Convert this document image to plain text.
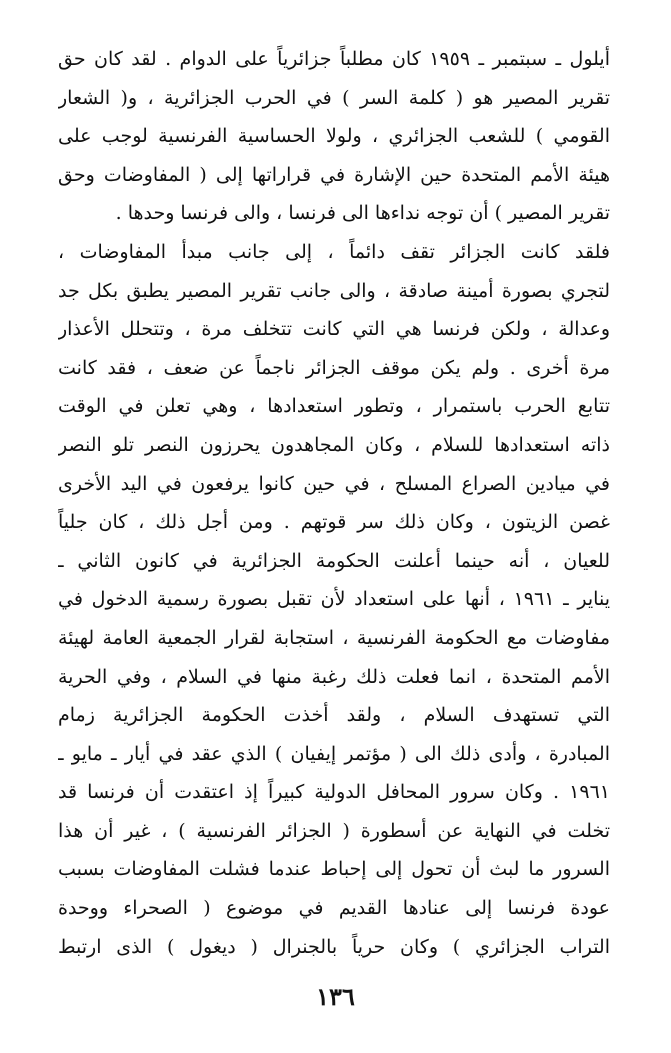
أيلول ـ سبتمبر ـ ١٩٥٩ كان مطلباً جزائرياً على الدوام . لقد كان حق
تقرير المصير هو ( كلمة السر ) في الحرب الجزائرية ، و( الشعار
القومي ) للشعب الجزائري ، ولولا الحساسية الفرنسية لوجب على
هيئة الأمم المتحدة حين الإشارة في قراراتها إلى ( المفاوضات وحق
تقرير المصير ) أن توجه نداءها الى فرنسا ، والى فرنسا وحدها .
فلقد كانت الجزائر تقف دائماً ، إلى جانب مبدأ المفاوضات ،
لتجري بصورة أمينة صادقة ، والى جانب تقرير المصير يطبق بكل جد
وعدالة ، ولكن فرنسا هي التي كانت تتخلف مرة ، وتتحلل الأعذار
مرة أخرى . ولم يكن موقف الجزائر ناجماً عن ضعف ، فقد كانت
تتابع الحرب باستمرار ، وتطور استعدادها ، وهي تعلن في الوقت
ذاته استعدادها للسلام ، وكان المجاهدون يحرزون النصر تلو النصر
في ميادين الصراع المسلح ، في حين كانوا يرفعون في اليد الأخرى
غصن الزيتون ، وكان ذلك سر قوتهم . ومن أجل ذلك ، كان جلياً
للعيان ، أنه حينما أعلنت الحكومة الجزائرية في كانون الثاني ـ
يناير ـ ١٩٦١ ، أنها على استعداد لأن تقبل بصورة رسمية الدخول في
مفاوضات مع الحكومة الفرنسية ، استجابة لقرار الجمعية العامة لهيئة
الأمم المتحدة ، انما فعلت ذلك رغبة منها في السلام ، وفي الحرية
التي تستهدف السلام ، ولقد أخذت الحكومة الجزائرية زمام
المبادرة ، وأدى ذلك الى ( مؤتمر إيفيان ) الذي عقد في أيار ـ مايو ـ
١٩٦١ . وكان سرور المحافل الدولية كبيراً إذ اعتقدت أن فرنسا قد
تخلت في النهاية عن أسطورة ( الجزائر الفرنسية ) ، غير أن هذا
السرور ما لبث أن تحول إلى إحباط عندما فشلت المفاوضات بسبب
عودة فرنسا إلى عنادها القديم في موضوع ( الصحراء ووحدة
التراب الجزائري ) وكان حرياً بالجنرال ( ديغول ) الذى ارتبط
١٣٦
